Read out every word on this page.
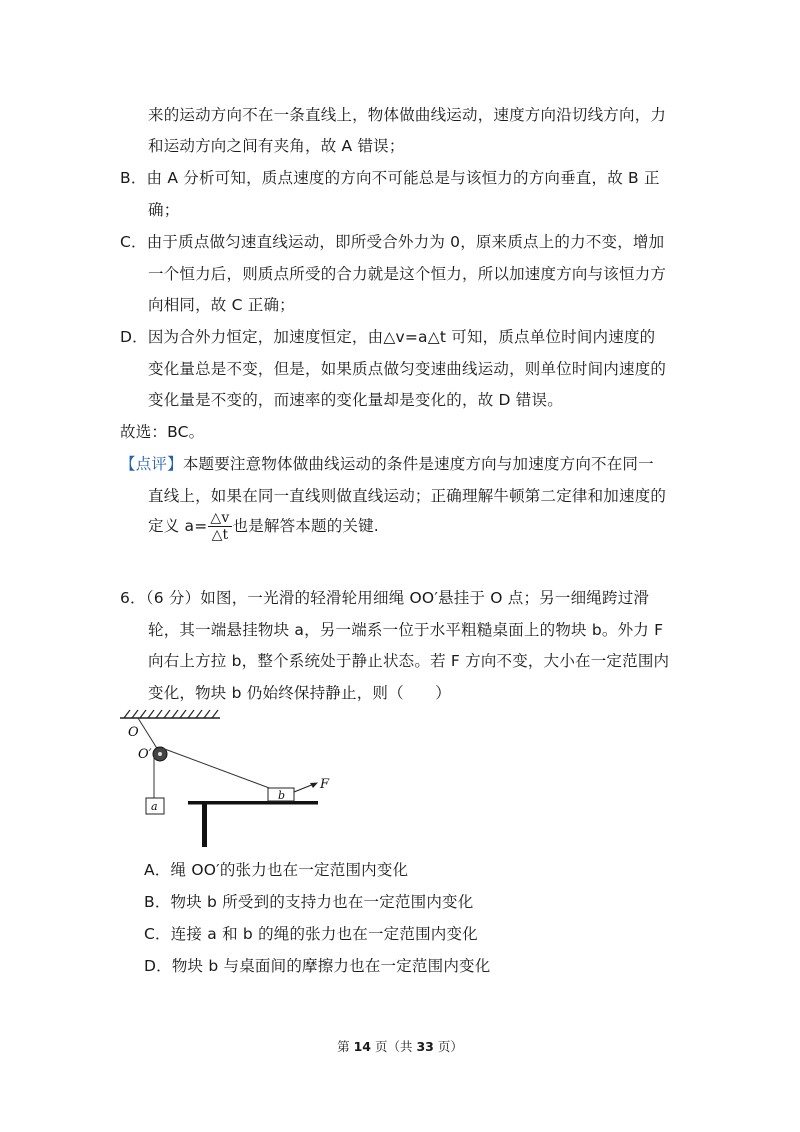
来的运动方向不在一条直线上，物体做曲线运动，速度方向沿切线方向，力
和运动方向之间有夹角，故 A 错误；
B．由 A 分析可知，质点速度的方向不可能总是与该恒力的方向垂直，故 B 正
确；
C．由于质点做匀速直线运动，即所受合外力为 0，原来质点上的力不变，增加
一个恒力后，则质点所受的合力就是这个恒力，所以加速度方向与该恒力方
向相同，故 C 正确；
D．因为合外力恒定，加速度恒定，由△v=a△t 可知，质点单位时间内速度的
变化量总是不变，但是，如果质点做匀变速曲线运动，则单位时间内速度的
变化量是不变的，而速率的变化量却是变化的，故 D 错误。
故选：BC。
【点评】本题要注意物体做曲线运动的条件是速度方向与加速度方向不在同一
直线上，如果在同一直线则做直线运动；正确理解牛顿第二定律和加速度的
定义 $a= \frac{\triangle v}{\triangle t}$ 也是解答本题的关键.
6．（6 分）如图，一光滑的轻滑轮用细绳 OO′悬挂于 O 点；另一细绳跨过滑
轮，其一端悬挂物块 a，另一端系一位于水平粗糙桌面上的物块 b。外力 F
向右上方拉 b，整个系统处于静止状态。若 F 方向不变，大小在一定范围内
变化，物块 b 仍始终保持静止，则（　　）
O
O′
a
b
F
A．绳 OO′的张力也在一定范围内变化
B．物块 b 所受到的支持力也在一定范围内变化
C．连接 a 和 b 的绳的张力也在一定范围内变化
D．物块 b 与桌面间的摩擦力也在一定范围内变化
第 14 页（共 33 页）
